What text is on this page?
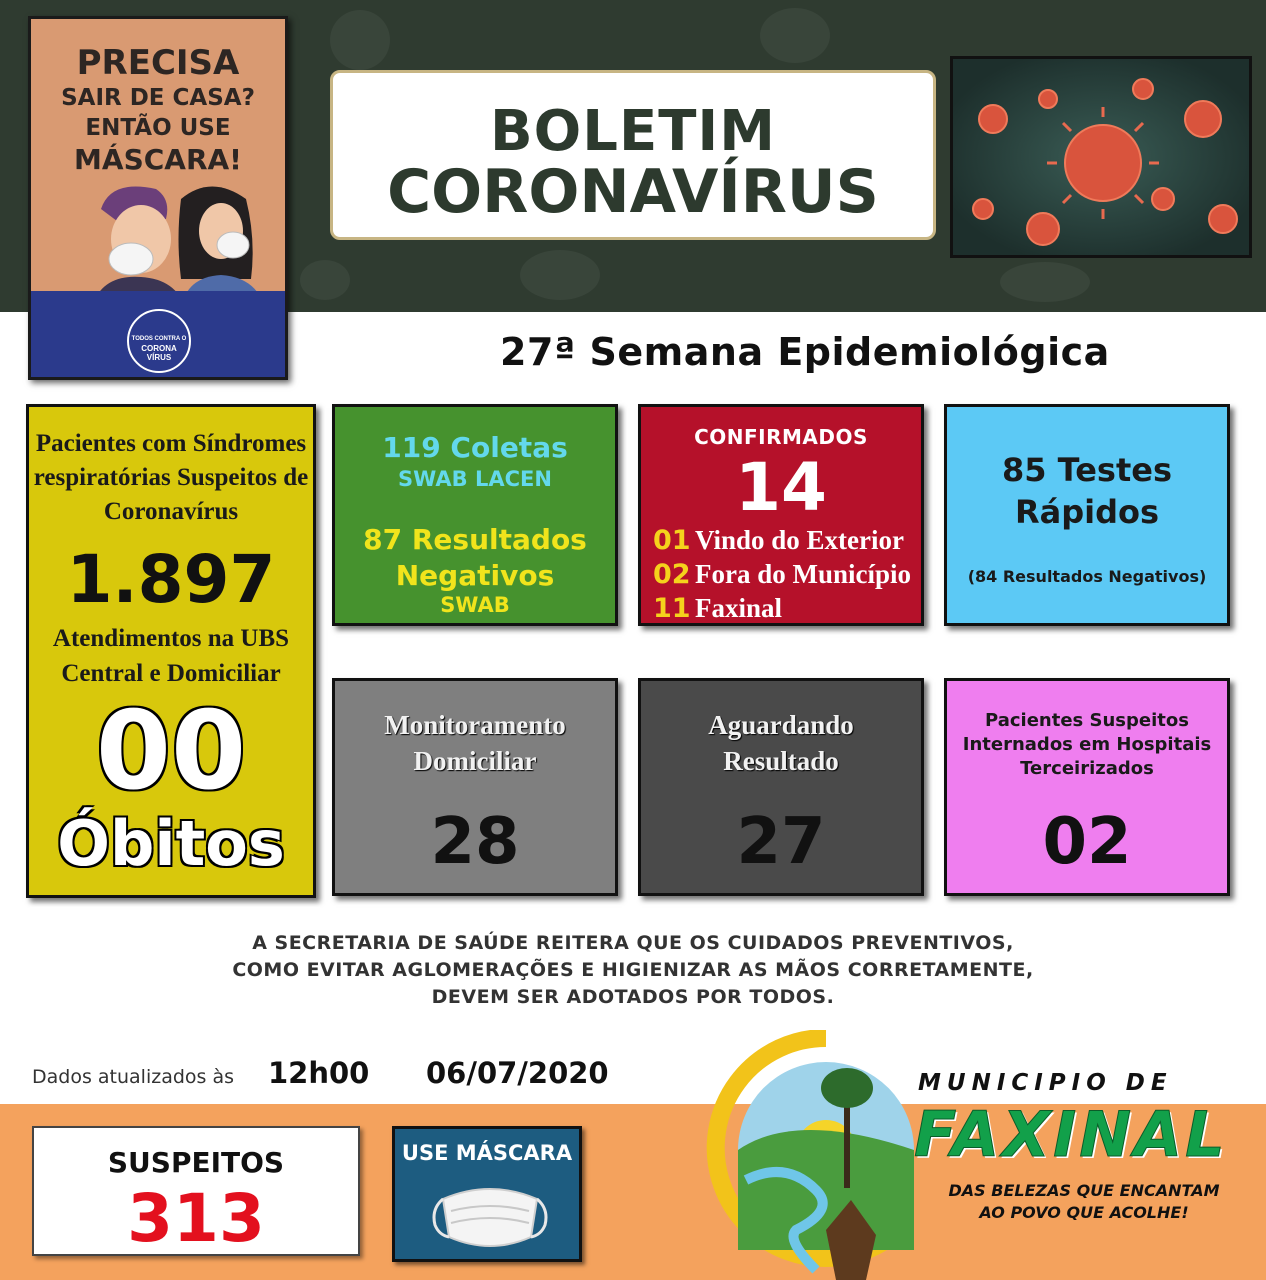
PRECISA
SAIR DE CASA?
ENTÃO USE
MÁSCARA!
TODOS CONTRA O
CORONA VÍRUS
BOLETIM
CORONAVÍRUS
27ª Semana Epidemiológica
Pacientes com Síndromes respiratórias Suspeitos de Coronavírus
1.897
Atendimentos na UBS Central e Domiciliar
00
Óbitos
119 Coletas
SWAB LACEN
87 Resultados
Negativos
SWAB
CONFIRMADOS
14
01 Vindo do Exterior
02 Fora do Município
11 Faxinal
85 Testes
Rápidos
(84 Resultados Negativos)
Monitoramento Domiciliar
28
Aguardando Resultado
27
Pacientes Suspeitos Internados em Hospitais Terceirizados
02
A SECRETARIA DE SAÚDE REITERA QUE OS CUIDADOS PREVENTIVOS,
COMO EVITAR AGLOMERAÇÕES E HIGIENIZAR AS MÃOS CORRETAMENTE,
DEVEM SER ADOTADOS POR TODOS.
Dados atualizados às 12h00 06/07/2020
SUSPEITOS
313
USE MÁSCARA
MUNICIPIO DE
FAXINAL
DAS BELEZAS QUE ENCANTAM
AO POVO QUE ACOLHE!
